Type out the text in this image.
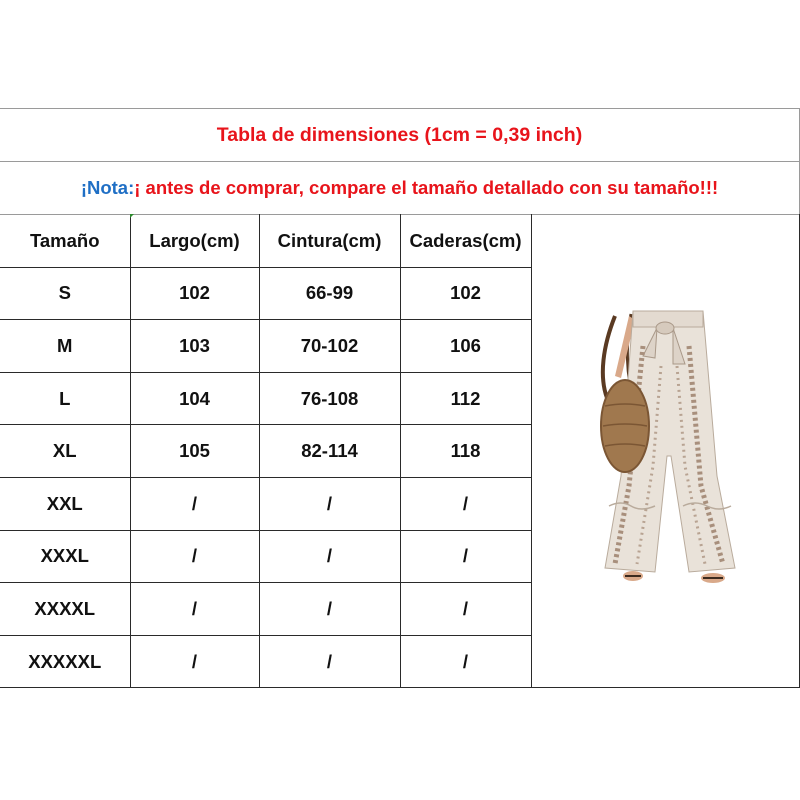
Tabla de dimensiones (1cm = 0,39 inch)
¡Nota: ¡ antes de comprar, compare el tamaño detallado con su tamaño!!!
Tamaño	Largo(cm)	Cintura(cm)	Caderas(cm)	

S	102	66-99	102	
M	103	70-102	106	
L	104	76-108	112	
XL	105	82-114	118	
XXL	/	/	/	
XXXL	/	/	/	
XXXXL	/	/	/	
XXXXXL	/	/	/	
